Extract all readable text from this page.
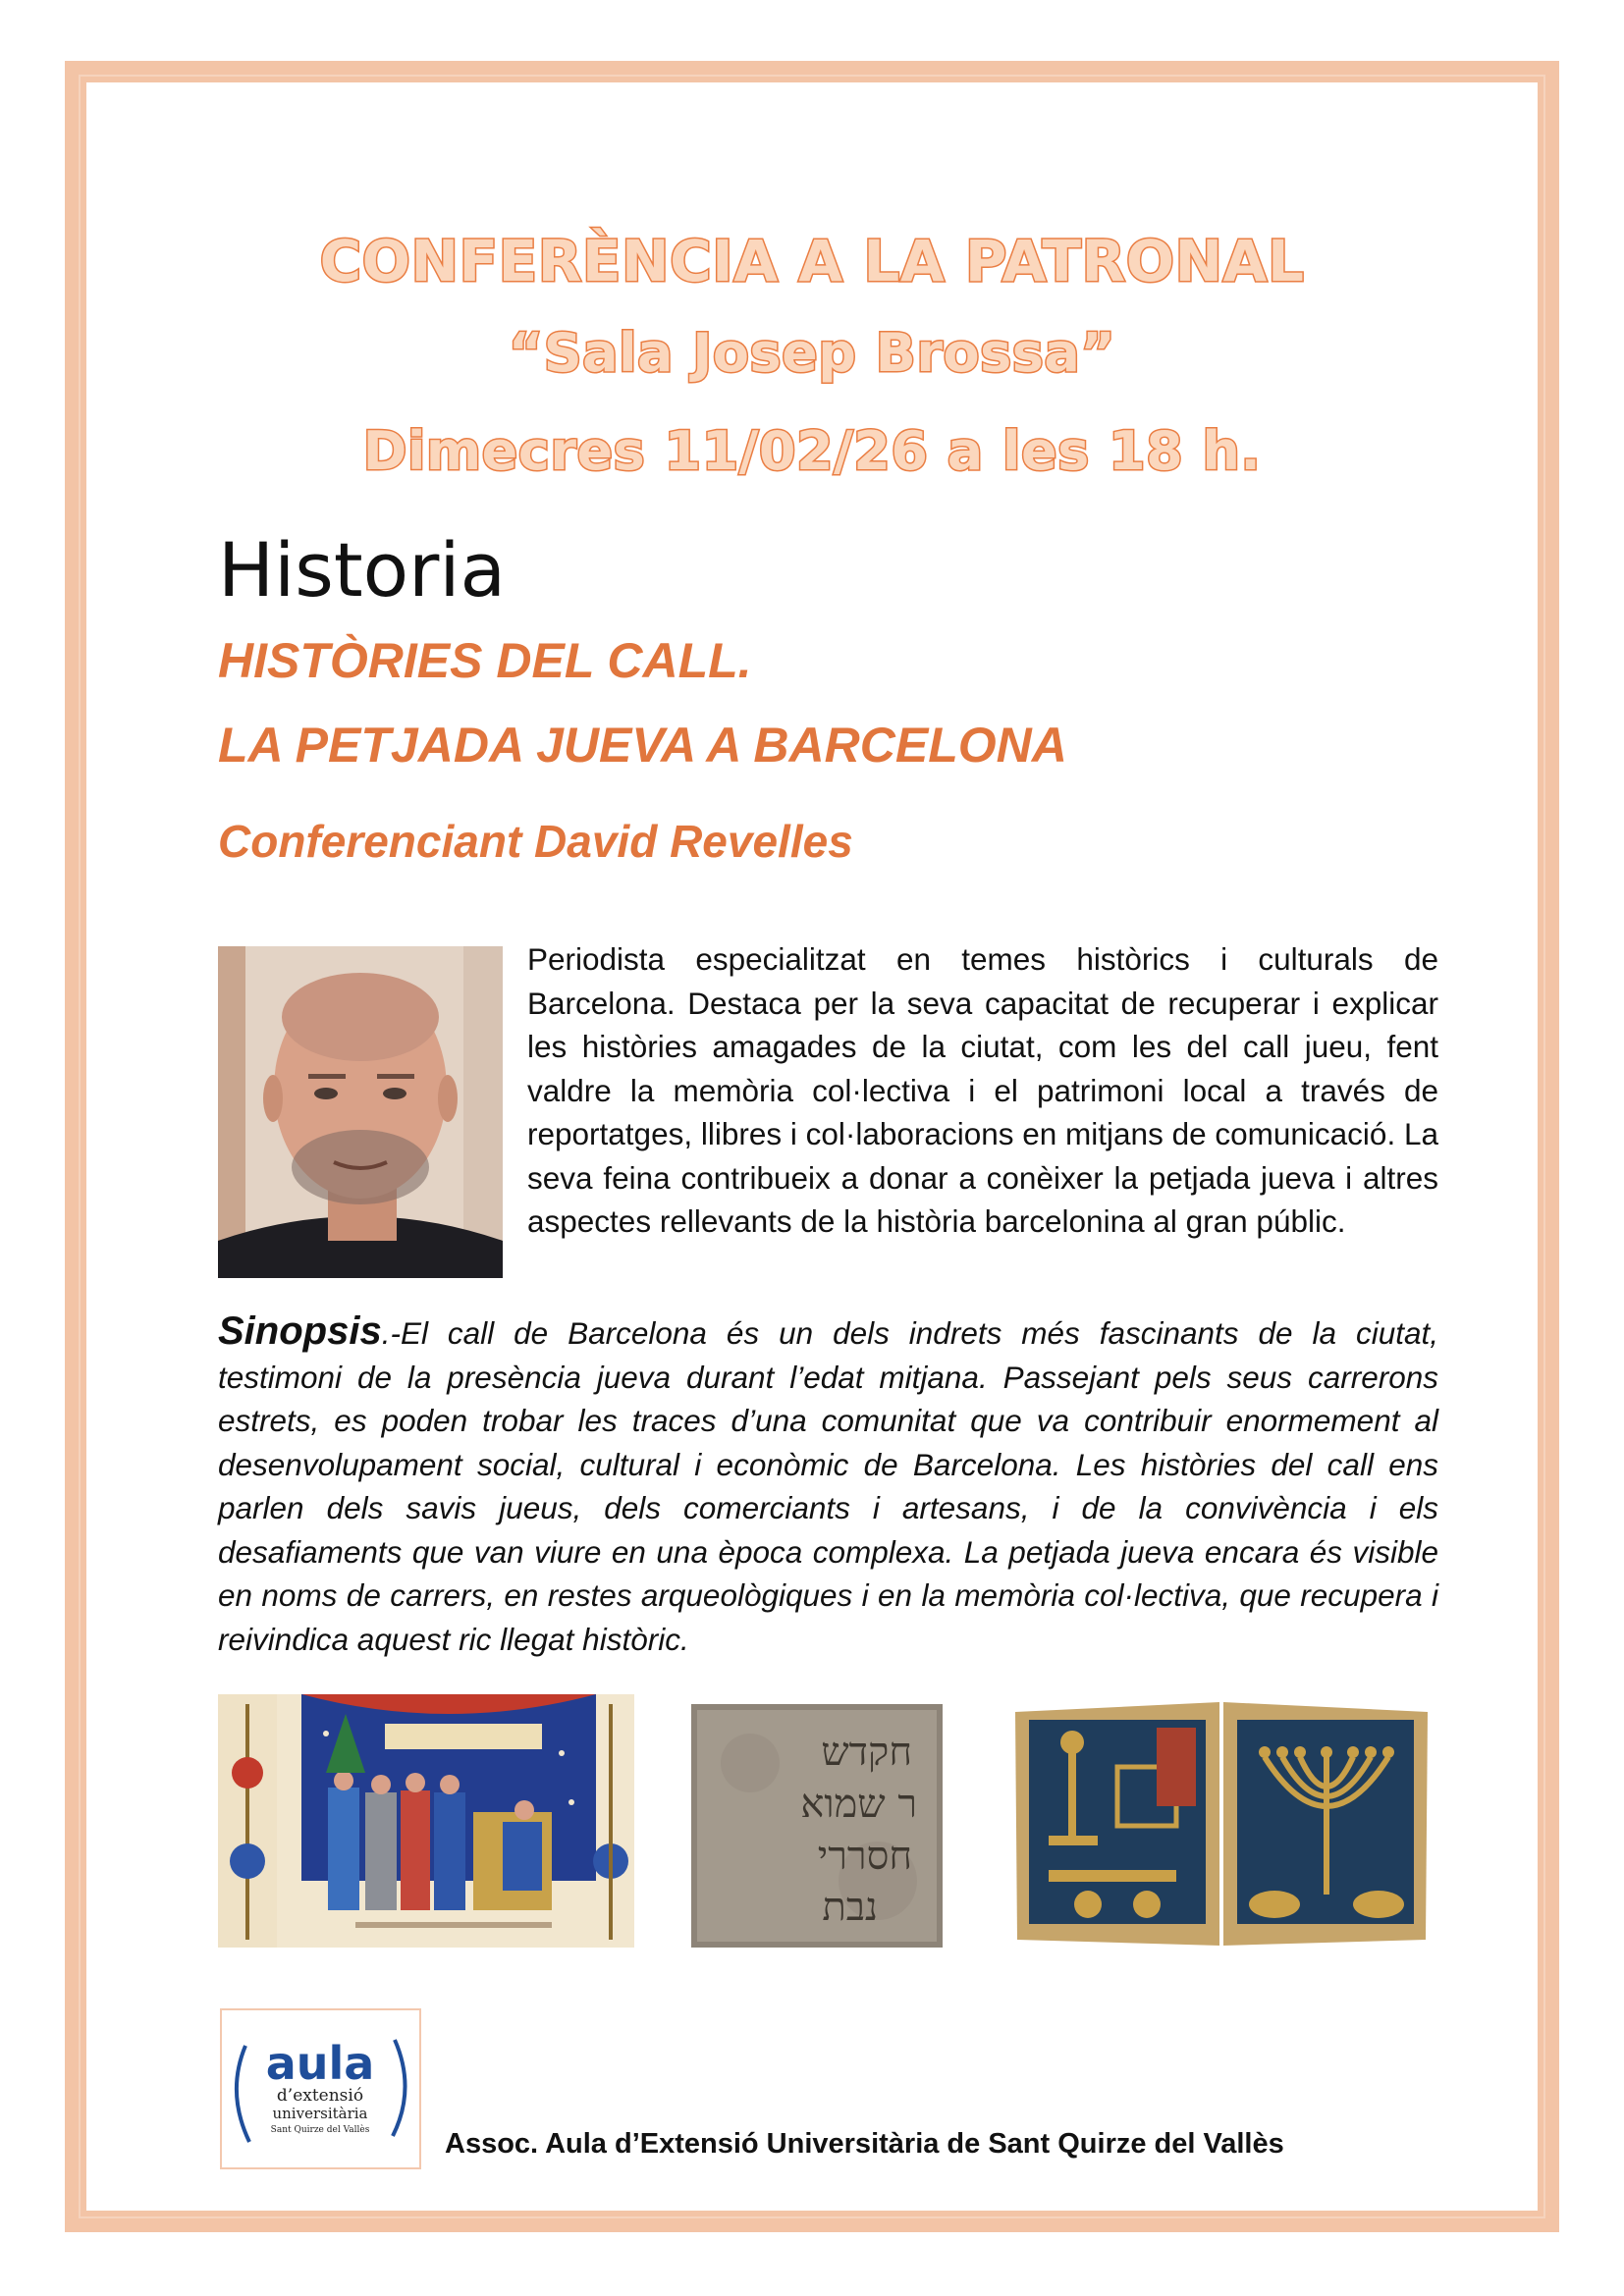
CONFERÈNCIA A LA PATRONAL
“Sala Josep Brossa”
Dimecres 11/02/26 a les 18 h.
Historia
HISTÒRIES DEL CALL.
LA PETJADA JUEVA A BARCELONA
Conferenciant David Revelles
Periodista especialitzat en temes històrics i culturals de Barcelona. Destaca per la seva capacitat de recuperar i explicar les històries amagades de la ciutat, com les del call jueu, fent valdre la memòria col·lectiva i el patrimoni local a través de reportatges, llibres i col·laboracions en mitjans de comunicació. La seva feina contribueix a donar a conèixer la petjada jueva i altres aspectes rellevants de la història barcelonina al gran públic.
Sinopsis.-El call de Barcelona és un dels indrets més fascinants de la ciutat, testimoni de la presència jueva durant l’edat mitjana. Passejant pels seus carrerons estrets, es poden trobar les traces d’una comunitat que va contribuir enormement al desenvolupament social, cultural i econòmic de Barcelona. Les històries del call ens parlen dels savis jueus, dels comerciants i artesans, i de la convivència i els desafiaments que van viure en una època complexa. La petjada jueva encara és visible en noms de carrers, en restes arqueològiques i en la memòria col·lectiva, que recupera i reivindica aquest ric llegat històric.
חקדש
ר שמוא
חסררי
נבת
aula
d’extensió
universitària
Sant Quirze del Vallès	Assoc. Aula d’Extensió Universitària de Sant Quirze del Vallès
